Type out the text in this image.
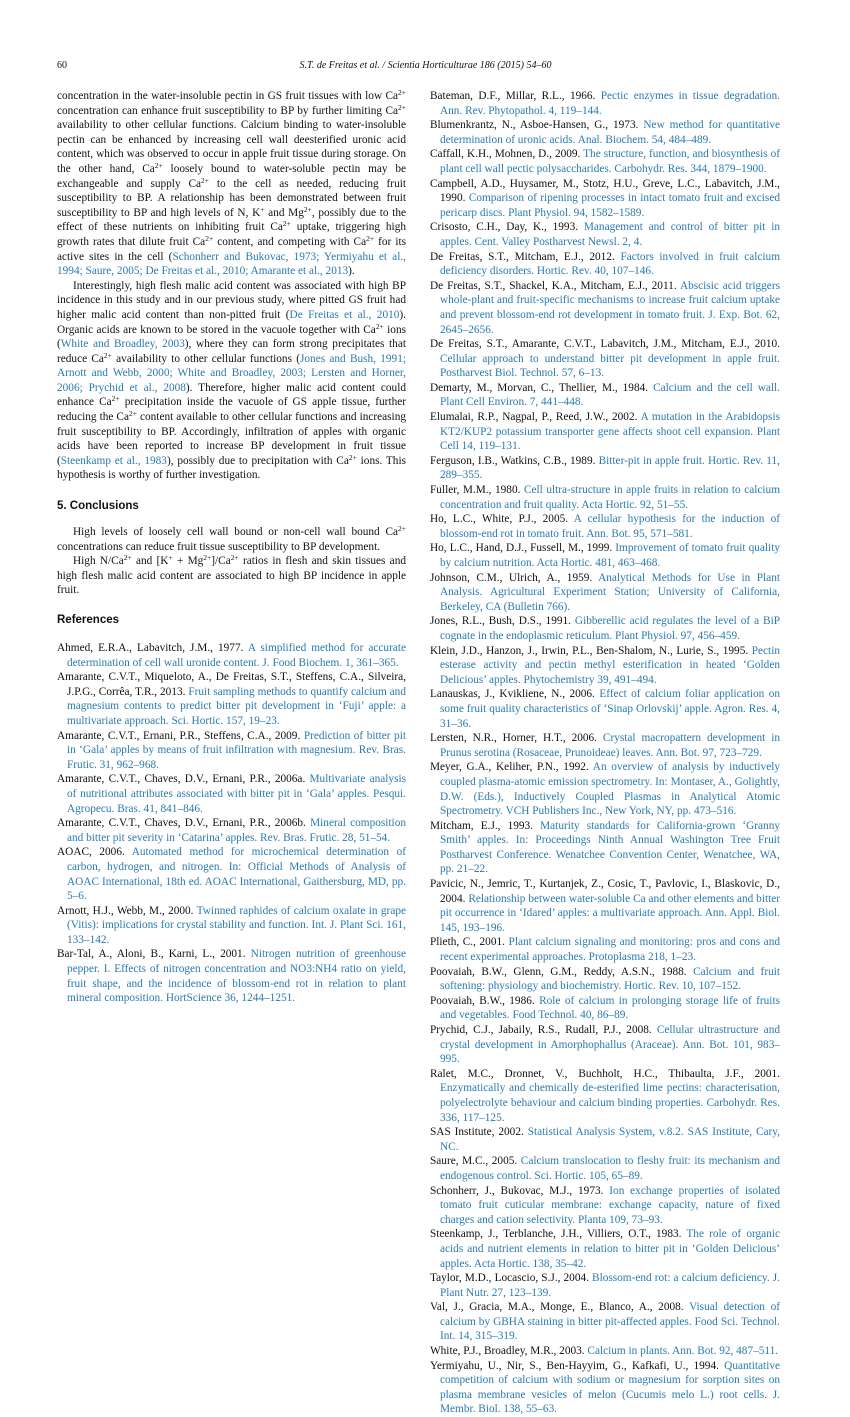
60	S.T. de Freitas et al. / Scientia Horticulturae 186 (2015) 54–60

concentration in the water-insoluble pectin in GS fruit tissues with low $Ca^{2+}$ concentration can enhance fruit susceptibility to BP by further limiting $Ca^{2+}$ availability to other cellular functions. Calcium binding to water-insoluble pectin can be enhanced by increasing cell wall deesterified uronic acid content, which was observed to occur in apple fruit tissue during storage. On the other hand, $Ca^{2+}$ loosely bound to water-soluble pectin may be exchangeable and supply $Ca^{2+}$ to the cell as needed, reducing fruit susceptibility to BP. A relationship has been demonstrated between fruit susceptibility to BP and high levels of N, K+ and $Mg^{2+}$, possibly due to the effect of these nutrients on inhibiting fruit $Ca^{2+}$ uptake, triggering high growth rates that dilute fruit $Ca^{2+}$ content, and competing with $Ca^{2+}$ for its active sites in the cell (Schonherr and Bukovac, 1973; Yermiyahu et al., 1994; Saure, 2005; De Freitas et al., 2010; Amarante et al., 2013).

Interestingly, high flesh malic acid content was associated with high BP incidence in this study and in our previous study, where pitted GS fruit had higher malic acid content than non-pitted fruit (De Freitas et al., 2010). Organic acids are known to be stored in the vacuole together with $Ca^{2+}$ ions (White and Broadley, 2003), where they can form strong precipitates that reduce $Ca^{2+}$ availability to other cellular functions (Jones and Bush, 1991; Arnott and Webb, 2000; White and Broadley, 2003; Lersten and Horner, 2006; Prychid et al., 2008). Therefore, higher malic acid content could enhance $Ca^{2+}$ precipitation inside the vacuole of GS apple tissue, further reducing the $Ca^{2+}$ content available to other cellular functions and increasing fruit susceptibility to BP. Accordingly, infiltration of apples with organic acids have been reported to increase BP development in fruit tissue (Steenkamp et al., 1983), possibly due to precipitation with $Ca^{2+}$ ions. This hypothesis is worthy of further investigation.

5. Conclusions

High levels of loosely cell wall bound or non-cell wall bound $Ca^{2+}$ concentrations can reduce fruit tissue susceptibility to BP development.

High $N/Ca^{2+}$ and $[K^+ + Mg^{2+}]/Ca^{2+}$ ratios in flesh and skin tissues and high flesh malic acid content are associated to high BP incidence in apple fruit.

References

Ahmed, E.R.A., Labavitch, J.M., 1977. A simplified method for accurate determination of cell wall uronide content. J. Food Biochem. 1, 361–365.

Amarante, C.V.T., Miqueloto, A., De Freitas, S.T., Steffens, C.A., Silveira, J.P.G., Corrêa, T.R., 2013. Fruit sampling methods to quantify calcium and magnesium contents to predict bitter pit development in ‘Fuji’ apple: a multivariate approach. Sci. Hortic. 157, 19–23.

Amarante, C.V.T., Ernani, P.R., Steffens, C.A., 2009. Prediction of bitter pit in ‘Gala’ apples by means of fruit infiltration with magnesium. Rev. Bras. Frutic. 31, 962–968.

Amarante, C.V.T., Chaves, D.V., Ernani, P.R., 2006a. Multivariate analysis of nutritional attributes associated with bitter pit in ‘Gala’ apples. Pesqui. Agropecu. Bras. 41, 841–846.

Amarante, C.V.T., Chaves, D.V., Ernani, P.R., 2006b. Mineral composition and bitter pit severity in ‘Catarina’ apples. Rev. Bras. Frutic. 28, 51–54.

AOAC, 2006. Automated method for microchemical determination of carbon, hydrogen, and nitrogen. In: Official Methods of Analysis of AOAC International, 18th ed. AOAC International, Gaithersburg, MD, pp. 5–6.

Arnott, H.J., Webb, M., 2000. Twinned raphides of calcium oxalate in grape (Vitis): implications for crystal stability and function. Int. J. Plant Sci. 161, 133–142.

Bar-Tal, A., Aloni, B., Karni, L., 2001. Nitrogen nutrition of greenhouse pepper. I. Effects of nitrogen concentration and NO3:NH4 ratio on yield, fruit shape, and the incidence of blossom-end rot in relation to plant mineral composition. HortScience 36, 1244–1251.

Bateman, D.F., Millar, R.L., 1966. Pectic enzymes in tissue degradation. Ann. Rev. Phytopathol. 4, 119–144.

Blumenkrantz, N., Asboe-Hansen, G., 1973. New method for quantitative determination of uronic acids. Anal. Biochem. 54, 484–489.

Caffall, K.H., Mohnen, D., 2009. The structure, function, and biosynthesis of plant cell wall pectic polysaccharides. Carbohydr. Res. 344, 1879–1900.

Campbell, A.D., Huysamer, M., Stotz, H.U., Greve, L.C., Labavitch, J.M., 1990. Comparison of ripening processes in intact tomato fruit and excised pericarp discs. Plant Physiol. 94, 1582–1589.

Crisosto, C.H., Day, K., 1993. Management and control of bitter pit in apples. Cent. Valley Postharvest Newsl. 2, 4.

De Freitas, S.T., Mitcham, E.J., 2012. Factors involved in fruit calcium deficiency disorders. Hortic. Rev. 40, 107–146.

De Freitas, S.T., Shackel, K.A., Mitcham, E.J., 2011. Abscisic acid triggers whole-plant and fruit-specific mechanisms to increase fruit calcium uptake and prevent blossom-end rot development in tomato fruit. J. Exp. Bot. 62, 2645–2656.

De Freitas, S.T., Amarante, C.V.T., Labavitch, J.M., Mitcham, E.J., 2010. Cellular approach to understand bitter pit development in apple fruit. Postharvest Biol. Technol. 57, 6–13.

Demarty, M., Morvan, C., Thellier, M., 1984. Calcium and the cell wall. Plant Cell Environ. 7, 441–448.

Elumalai, R.P., Nagpal, P., Reed, J.W., 2002. A mutation in the Arabidopsis KT2/KUP2 potassium transporter gene affects shoot cell expansion. Plant Cell 14, 119–131.

Ferguson, I.B., Watkins, C.B., 1989. Bitter-pit in apple fruit. Hortic. Rev. 11, 289–355.

Fuller, M.M., 1980. Cell ultra-structure in apple fruits in relation to calcium concentration and fruit quality. Acta Hortic. 92, 51–55.

Ho, L.C., White, P.J., 2005. A cellular hypothesis for the induction of blossom-end rot in tomato fruit. Ann. Bot. 95, 571–581.

Ho, L.C., Hand, D.J., Fussell, M., 1999. Improvement of tomato fruit quality by calcium nutrition. Acta Hortic. 481, 463–468.

Johnson, C.M., Ulrich, A., 1959. Analytical Methods for Use in Plant Analysis. Agricultural Experiment Station; University of California, Berkeley, CA (Bulletin 766).

Jones, R.L., Bush, D.S., 1991. Gibberellic acid regulates the level of a BiP cognate in the endoplasmic reticulum. Plant Physiol. 97, 456–459.

Klein, J.D., Hanzon, J., Irwin, P.L., Ben-Shalom, N., Lurie, S., 1995. Pectin esterase activity and pectin methyl esterification in heated ‘Golden Delicious’ apples. Phytochemistry 39, 491–494.

Lanauskas, J., Kvikliene, N., 2006. Effect of calcium foliar application on some fruit quality characteristics of ‘Sinap Orlovskij’ apple. Agron. Res. 4, 31–36.

Lersten, N.R., Horner, H.T., 2006. Crystal macropattern development in Prunus serotina (Rosaceae, Prunoideae) leaves. Ann. Bot. 97, 723–729.

Meyer, G.A., Keliher, P.N., 1992. An overview of analysis by inductively coupled plasma-atomic emission spectrometry. In: Montaser, A., Golightly, D.W. (Eds.), Inductively Coupled Plasmas in Analytical Atomic Spectrometry. VCH Publishers Inc., New York, NY, pp. 473–516.

Mitcham, E.J., 1993. Maturity standards for California-grown ‘Granny Smith’ apples. In: Proceedings Ninth Annual Washington Tree Fruit Postharvest Conference. Wenatchee Convention Center, Wenatchee, WA, pp. 21–22.

Pavicic, N., Jemric, T., Kurtanjek, Z., Cosic, T., Pavlovic, I., Blaskovic, D., 2004. Relationship between water-soluble Ca and other elements and bitter pit occurrence in ‘Idared’ apples: a multivariate approach. Ann. Appl. Biol. 145, 193–196.

Plieth, C., 2001. Plant calcium signaling and monitoring: pros and cons and recent experimental approaches. Protoplasma 218, 1–23.

Poovaiah, B.W., Glenn, G.M., Reddy, A.S.N., 1988. Calcium and fruit softening: physiology and biochemistry. Hortic. Rev. 10, 107–152.

Poovaiah, B.W., 1986. Role of calcium in prolonging storage life of fruits and vegetables. Food Technol. 40, 86–89.

Prychid, C.J., Jabaily, R.S., Rudall, P.J., 2008. Cellular ultrastructure and crystal development in Amorphophallus (Araceae). Ann. Bot. 101, 983–995.

Ralet, M.C., Dronnet, V., Buchholt, H.C., Thibaulta, J.F., 2001. Enzymatically and chemically de-esterified lime pectins: characterisation, polyelectrolyte behaviour and calcium binding properties. Carbohydr. Res. 336, 117–125.

SAS Institute, 2002. Statistical Analysis System, v.8.2. SAS Institute, Cary, NC.

Saure, M.C., 2005. Calcium translocation to fleshy fruit: its mechanism and endogenous control. Sci. Hortic. 105, 65–89.

Schonherr, J., Bukovac, M.J., 1973. Ion exchange properties of isolated tomato fruit cuticular membrane: exchange capacity, nature of fixed charges and cation selectivity. Planta 109, 73–93.

Steenkamp, J., Terblanche, J.H., Villiers, O.T., 1983. The role of organic acids and nutrient elements in relation to bitter pit in ‘Golden Delicious’ apples. Acta Hortic. 138, 35–42.

Taylor, M.D., Locascio, S.J., 2004. Blossom-end rot: a calcium deficiency. J. Plant Nutr. 27, 123–139.

Val, J., Gracia, M.A., Monge, E., Blanco, A., 2008. Visual detection of calcium by GBHA staining in bitter pit-affected apples. Food Sci. Technol. Int. 14, 315–319.

White, P.J., Broadley, M.R., 2003. Calcium in plants. Ann. Bot. 92, 487–511.

Yermiyahu, U., Nir, S., Ben-Hayyim, G., Kafkafi, U., 1994. Quantitative competition of calcium with sodium or magnesium for sorption sites on plasma membrane vesicles of melon (Cucumis melo L.) root cells. J. Membr. Biol. 138, 55–63.
